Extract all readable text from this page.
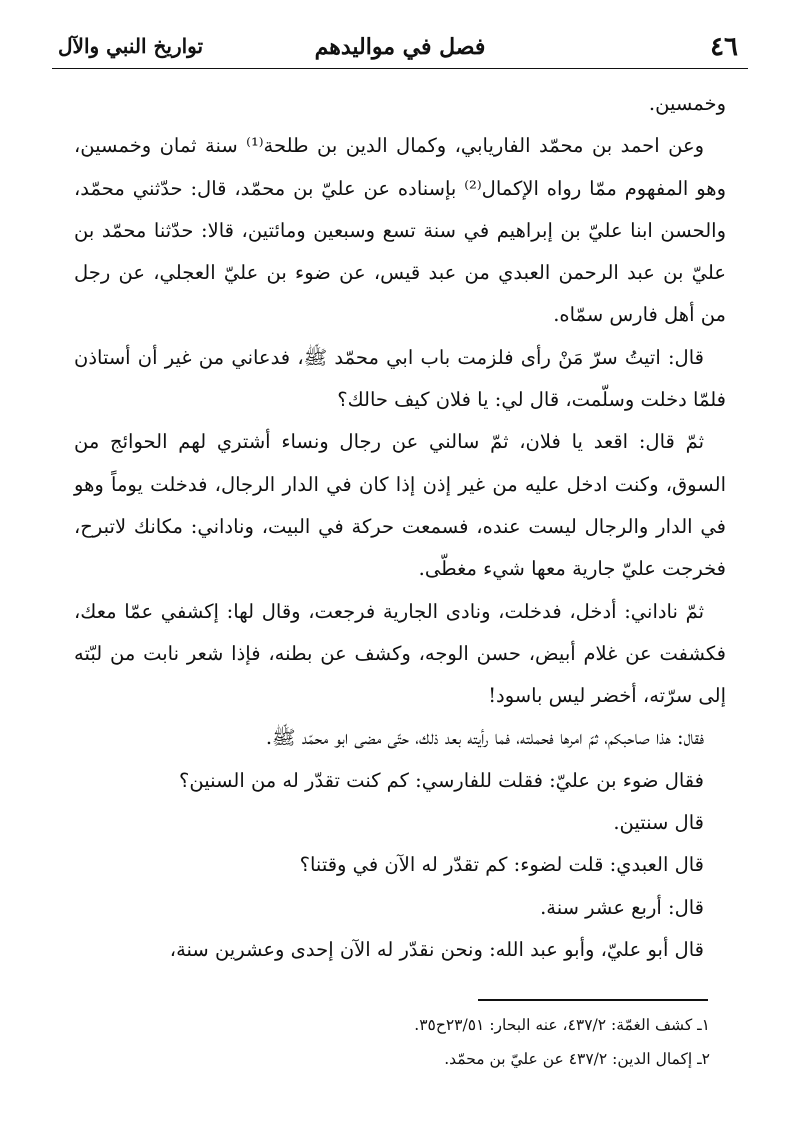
٤٦
فصل في مواليدهم
تواريخ النبي والآل

وخمسين.

وعن احمد بن محمّد الفاريابي، وكمال الدين بن طلحة⁽¹⁾ سنة ثمان وخمسين، وهو المفهوم ممّا رواه الإكمال⁽²⁾ بإسناده عن عليّ بن محمّد، قال: حدّثني محمّد، والحسن ابنا عليّ بن إبراهيم في سنة تسع وسبعين ومائتين، قالا: حدّثنا محمّد بن عليّ بن عبد الرحمن العبدي من عبد قيس، عن ضوء بن عليّ العجلي، عن رجل من أهل فارس سمّاه.

قال: اتيتُ سرّ مَنْ رأى فلزمت باب ابي محمّد ﷺ، فدعاني من غير أن أستاذن فلمّا دخلت وسلّمت، قال لي: يا فلان كيف حالك؟

ثمّ قال: اقعد يا فلان، ثمّ سالني عن رجال ونساء أشتري لهم الحوائج من السوق، وكنت ادخل عليه من غير إذن إذا كان في الدار الرجال، فدخلت يوماً وهو في الدار والرجال ليست عنده، فسمعت حركة في البيت، وناداني: مكانك لاتبرح، فخرجت عليّ جارية معها شيء مغطّى.

ثمّ ناداني: أدخل، فدخلت، ونادى الجارية فرجعت، وقال لها: إكشفي عمّا معك، فكشفت عن غلام أبيض، حسن الوجه، وكشف عن بطنه، فإذا شعر نابت من لبّته إلى سرّته، أخضر ليس باسود!

فقال: هذا صاحبكم، ثمّ امرها فحملته، فما رأيته بعد ذلك، حتّى مضى ابو محمّد ﷺ.

فقال ضوء بن عليّ: فقلت للفارسي: كم كنت تقدّر له من السنين؟

قال سنتين.

قال العبدي: قلت لضوء: كم تقدّر له الآن في وقتنا؟

قال: أربع عشر سنة.

قال أبو عليّ، وأبو عبد الله: ونحن نقدّر له الآن إحدى وعشرين سنة،

١ـ كشف الغمّة: ٤٣٧/٢، عنه البحار: ٢٣/٥١ح٣٥.

٢ـ إكمال الدين: ٤٣٧/٢ عن عليّ بن محمّد.
